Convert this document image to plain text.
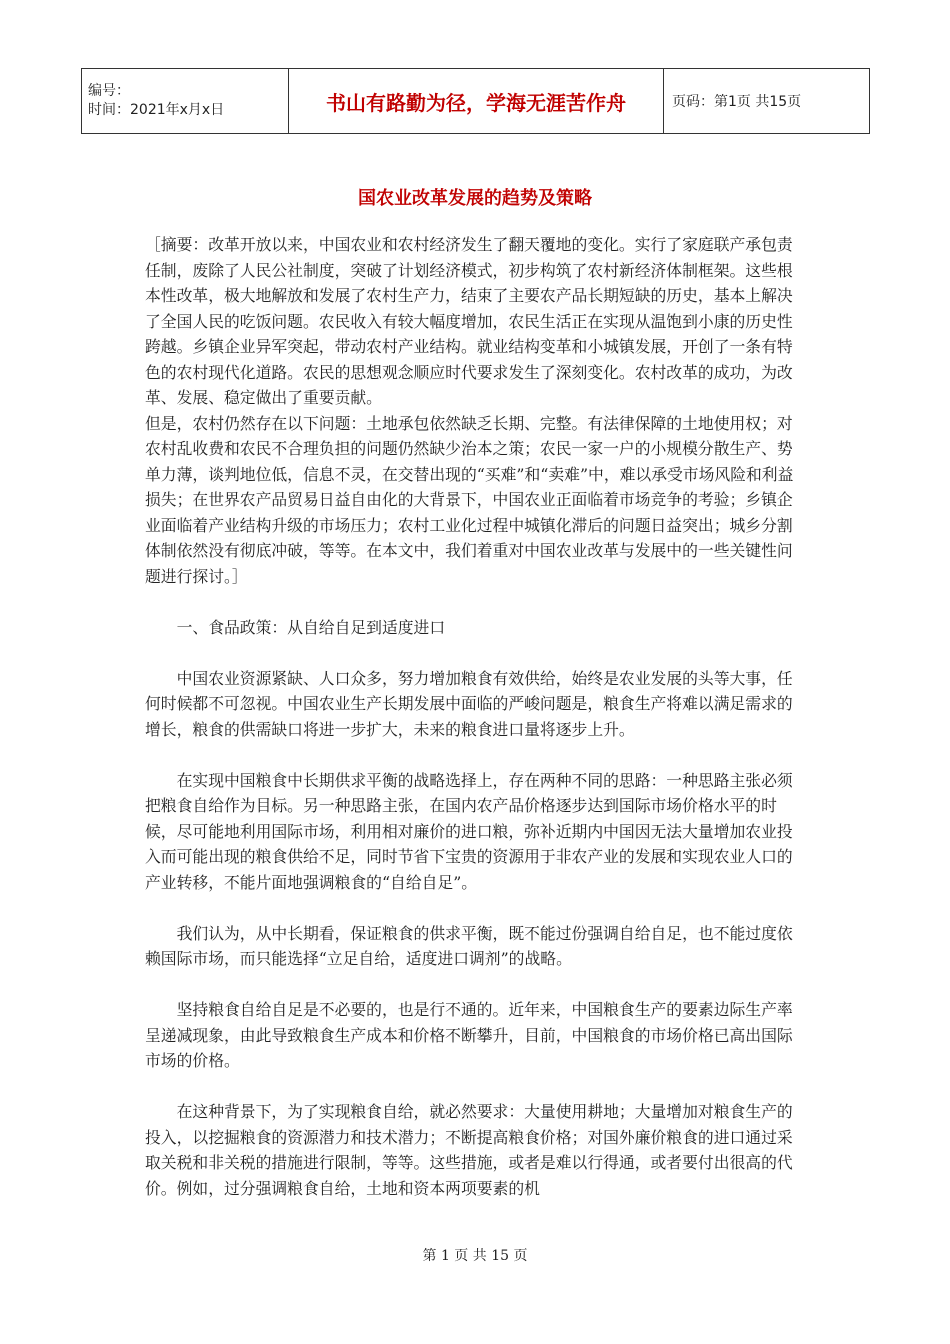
编号：
时间：2021年x月x日	书山有路勤为径，学海无涯苦作舟	页码：第1页 共15页
国农业改革发展的趋势及策略

［摘要：改革开放以来，中国农业和农村经济发生了翻天覆地的变化。实行了家庭联产承包责任制，废除了人民公社制度，突破了计划经济模式，初步构筑了农村新经济体制框架。这些根本性改革，极大地解放和发展了农村生产力，结束了主要农产品长期短缺的历史，基本上解决了全国人民的吃饭问题。农民收入有较大幅度增加，农民生活正在实现从温饱到小康的历史性跨越。乡镇企业异军突起，带动农村产业结构。就业结构变革和小城镇发展，开创了一条有特色的农村现代化道路。农民的思想观念顺应时代要求发生了深刻变化。农村改革的成功，为改革、发展、稳定做出了重要贡献。

但是，农村仍然存在以下问题：土地承包依然缺乏长期、完整。有法律保障的土地使用权；对农村乱收费和农民不合理负担的问题仍然缺少治本之策；农民一家一户的小规模分散生产、势单力薄，谈判地位低，信息不灵，在交替出现的“买难”和“卖难”中，难以承受市场风险和利益损失；在世界农产品贸易日益自由化的大背景下，中国农业正面临着市场竞争的考验；乡镇企业面临着产业结构升级的市场压力；农村工业化过程中城镇化滞后的问题日益突出；城乡分割体制依然没有彻底冲破，等等。在本文中，我们着重对中国农业改革与发展中的一些关键性问题进行探讨。］

一、食品政策：从自给自足到适度进口

中国农业资源紧缺、人口众多，努力增加粮食有效供给，始终是农业发展的头等大事，任何时候都不可忽视。中国农业生产长期发展中面临的严峻问题是，粮食生产将难以满足需求的增长，粮食的供需缺口将进一步扩大，未来的粮食进口量将逐步上升。

在实现中国粮食中长期供求平衡的战略选择上，存在两种不同的思路：一种思路主张必须把粮食自给作为目标。另一种思路主张，在国内农产品价格逐步达到国际市场价格水平的时候，尽可能地利用国际市场，利用相对廉价的进口粮，弥补近期内中国因无法大量增加农业投入而可能出现的粮食供给不足，同时节省下宝贵的资源用于非农产业的发展和实现农业人口的产业转移，不能片面地强调粮食的“自给自足”。

我们认为，从中长期看，保证粮食的供求平衡，既不能过份强调自给自足，也不能过度依赖国际市场，而只能选择“立足自给，适度进口调剂”的战略。

坚持粮食自给自足是不必要的，也是行不通的。近年来，中国粮食生产的要素边际生产率呈递减现象，由此导致粮食生产成本和价格不断攀升，目前，中国粮食的市场价格已高出国际市场的价格。

在这种背景下，为了实现粮食自给，就必然要求：大量使用耕地；大量增加对粮食生产的投入，以挖掘粮食的资源潜力和技术潜力；不断提高粮食价格；对国外廉价粮食的进口通过采取关税和非关税的措施进行限制，等等。这些措施，或者是难以行得通，或者要付出很高的代价。例如，过分强调粮食自给，土地和资本两项要素的机

第 1 页 共 15 页
